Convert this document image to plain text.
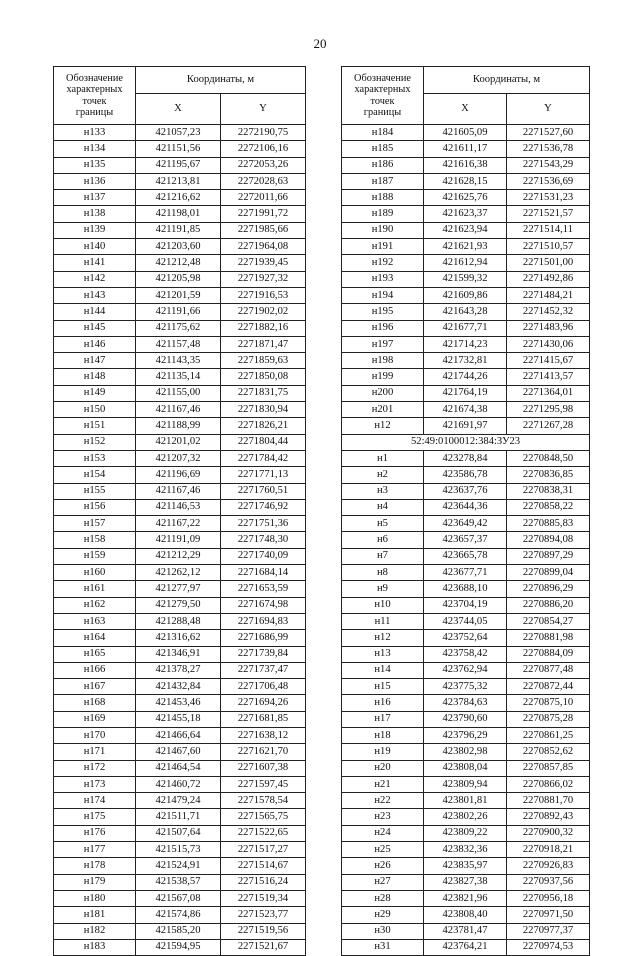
20
Обозначение
характерных
точек
границы	Координаты, м	
	X	Y
н133	421057,23	2272190,75
н134	421151,56	2272106,16
н135	421195,67	2272053,26
н136	421213,81	2272028,63
н137	421216,62	2272011,66
н138	421198,01	2271991,72
н139	421191,85	2271985,66
н140	421203,60	2271964,08
н141	421212,48	2271939,45
н142	421205,98	2271927,32
н143	421201,59	2271916,53
н144	421191,66	2271902,02
н145	421175,62	2271882,16
н146	421157,48	2271871,47
н147	421143,35	2271859,63
н148	421135,14	2271850,08
н149	421155,00	2271831,75
н150	421167,46	2271830,94
н151	421188,99	2271826,21
н152	421201,02	2271804,44
н153	421207,32	2271784,42
н154	421196,69	2271771,13
н155	421167,46	2271760,51
н156	421146,53	2271746,92
н157	421167,22	2271751,36
н158	421191,09	2271748,30
н159	421212,29	2271740,09
н160	421262,12	2271684,14
н161	421277,97	2271653,59
н162	421279,50	2271674,98
н163	421288,48	2271694,83
н164	421316,62	2271686,99
н165	421346,91	2271739,84
н166	421378,27	2271737,47
н167	421432,84	2271706,48
н168	421453,46	2271694,26
н169	421455,18	2271681,85
н170	421466,64	2271638,12
н171	421467,60	2271621,70
н172	421464,54	2271607,38
н173	421460,72	2271597,45
н174	421479,24	2271578,54
н175	421511,71	2271565,75
н176	421507,64	2271522,65
н177	421515,73	2271517,27
н178	421524,91	2271514,67
н179	421538,57	2271516,24
н180	421567,08	2271519,34
н181	421574,86	2271523,77
н182	421585,20	2271519,56
н183	421594,95	2271521,67
Обозначение
характерных
точек
границы	Координаты, м	
	X	Y
н184	421605,09	2271527,60
н185	421611,17	2271536,78
н186	421616,38	2271543,29
н187	421628,15	2271536,69
н188	421625,76	2271531,23
н189	421623,37	2271521,57
н190	421623,94	2271514,11
н191	421621,93	2271510,57
н192	421612,94	2271501,00
н193	421599,32	2271492,86
н194	421609,86	2271484,21
н195	421643,28	2271452,32
н196	421677,71	2271483,96
н197	421714,23	2271430,06
н198	421732,81	2271415,67
н199	421744,26	2271413,57
н200	421764,19	2271364,01
н201	421674,38	2271295,98
н12	421691,97	2271267,28
52:49:0100012:384:ЗУ23		
н1	423278,84	2270848,50
н2	423586,78	2270836,85
н3	423637,76	2270838,31
н4	423644,36	2270858,22
н5	423649,42	2270885,83
н6	423657,37	2270894,08
н7	423665,78	2270897,29
н8	423677,71	2270899,04
н9	423688,10	2270896,29
н10	423704,19	2270886,20
н11	423744,05	2270854,27
н12	423752,64	2270881,98
н13	423758,42	2270884,09
н14	423762,94	2270877,48
н15	423775,32	2270872,44
н16	423784,63	2270875,10
н17	423790,60	2270875,28
н18	423796,29	2270861,25
н19	423802,98	2270852,62
н20	423808,04	2270857,85
н21	423809,94	2270866,02
н22	423801,81	2270881,70
н23	423802,26	2270892,43
н24	423809,22	2270900,32
н25	423832,36	2270918,21
н26	423835,97	2270926,83
н27	423827,38	2270937,56
н28	423821,96	2270956,18
н29	423808,40	2270971,50
н30	423781,47	2270977,37
н31	423764,21	2270974,53
